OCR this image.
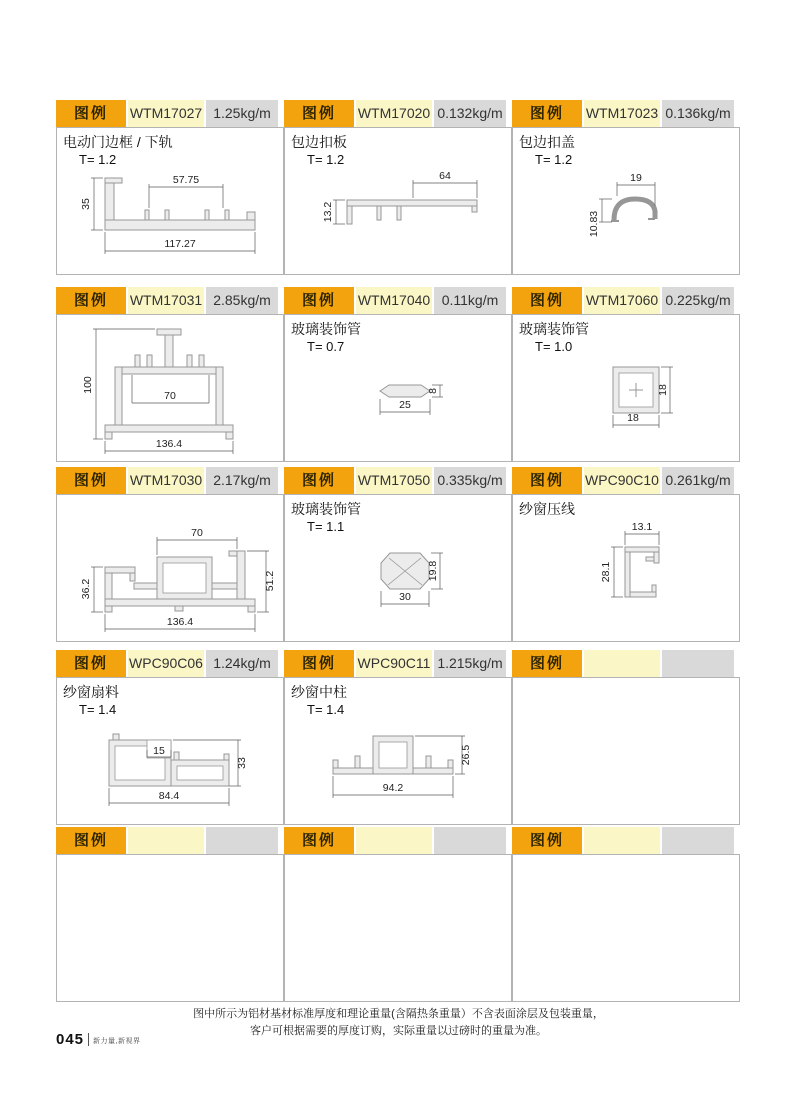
图例	WTM17027 1.25kg/m
电动门边框 / 下轨
T= 1.2
57.75
35
117.27
图例	WTM17020 0.132kg/m
包边扣板
T= 1.2
64
13.2
图例	WTM17023 0.136kg/m
包边扣盖
T= 1.2
19
10.83
图例	WTM17031 2.85kg/m
100
70
136.4
图例	WTM17040 0.11kg/m
玻璃装饰管
T= 0.7
25
8
图例	WTM17060 0.225kg/m
玻璃装饰管
T= 1.0
18
18
图例	WTM17030 2.17kg/m
70
36.2	51.2
136.4
图例	WTM17050 0.335kg/m
玻璃装饰管
T= 1.1
30
19.8
图例	WPC90C10 0.261kg/m
纱窗压线
13.1
28.1
图例	WPC90C06 1.24kg/m
纱窗扇料
T= 1.4
15
33
84.4
图例	WPC90C11 1.215kg/m
纱窗中柱
T= 1.4
26.5
94.2
图例
图例	图例	图例
图中所示为铝材基材标准厚度和理论重量(含隔热条重量）不含表面涂层及包装重量，
客户可根据需要的厚度订购，实际重量以过磅时的重量为准。
045 新力量,新视界
